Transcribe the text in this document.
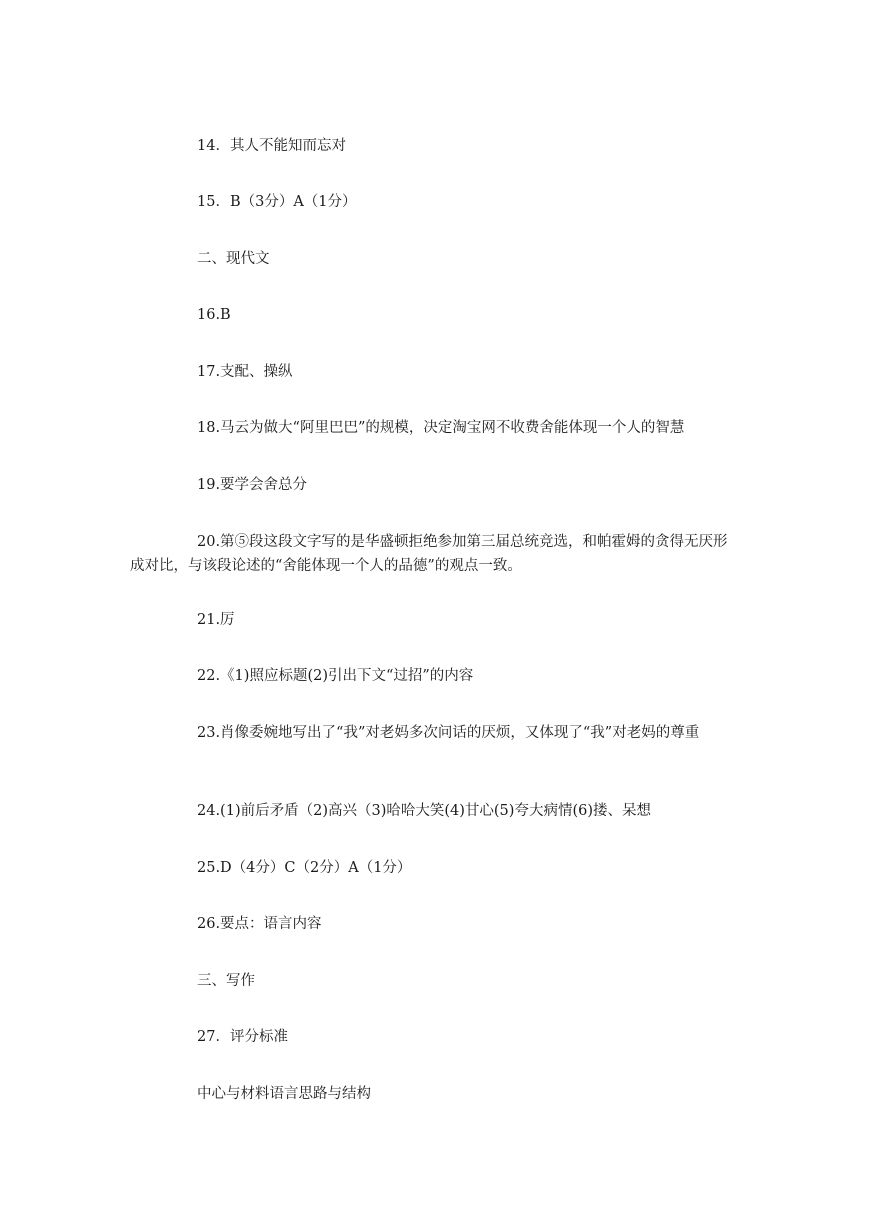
14．其人不能知而忘对
15．B（3分）A（1分）
二、现代文
16.B
17.支配、操纵
18.马云为做大“阿里巴巴”的规模，决定淘宝网不收费舍能体现一个人的智慧
19.要学会舍总分
20.第⑤段这段文字写的是华盛顿拒绝参加第三届总统竞选，和帕霍姆的贪得无厌形成对比，与该段论述的“舍能体现一个人的品德”的观点一致。
21.厉
22.《1)照应标题(2)引出下文“过招”的内容
23.肖像委婉地写出了“我”对老妈多次问话的厌烦，又体现了“我”对老妈的尊重
24.(1)前后矛盾（2)高兴（3)哈哈大笑(4)甘心(5)夸大病情(6)搂、呆想
25.D（4分）C（2分）A（1分）
26.要点：语言内容
三、写作
27．评分标准
中心与材料语言思路与结构
